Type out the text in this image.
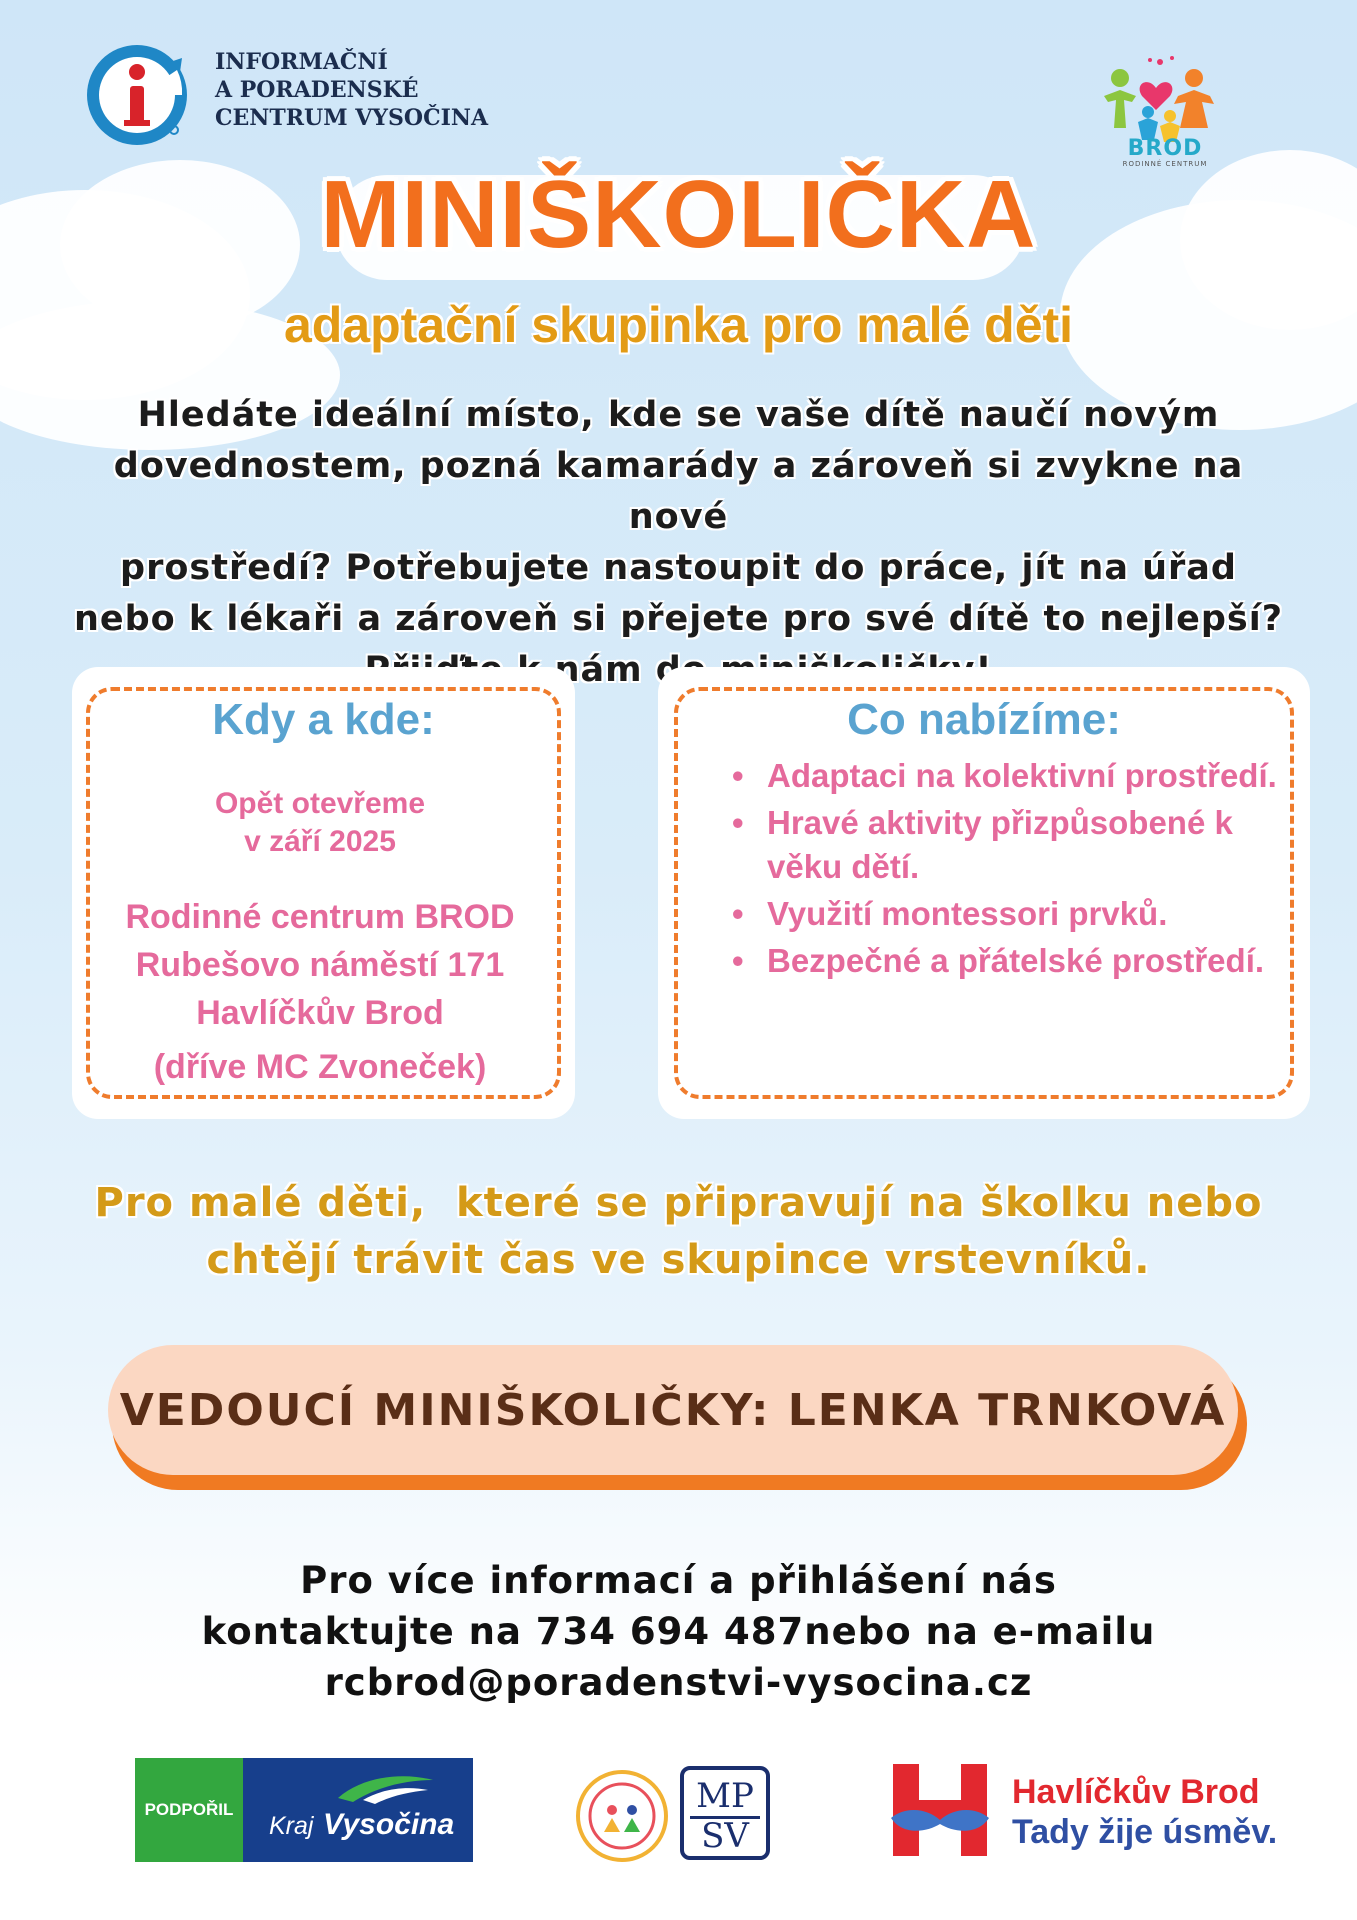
INFORMAČNÍ
A PORADENSKÉ
CENTRUM VYSOČINA
BROD
RODINNÉ CENTRUM
MINIŠKOLIČKA
adaptační skupinka pro malé děti
Hledáte ideální místo, kde se vaše dítě naučí novým
dovednostem, pozná kamarády a zároveň si zvykne na nové
prostředí? Potřebujete nastoupit do práce, jít na úřad
nebo k lékaři a zároveň si přejete pro své dítě to nejlepší?
nám
Kdy a kde:
Opět otevřeme
v září 2025
Rodinné centrum BROD
Rubešovo náměstí 171
Havlíčkův Brod
(dříve MC Zvoneček)
Co nabízíme:
• Adaptaci na kolektivní prostředí.
• Hravé aktivity přizpůsobené k věku dětí.
• Využití montessori prvků.
• Bezpečné a přátelské prostředí.
Pro malé děti,  které se připravují na školku nebo
chtějí trávit čas ve skupince vrstevníků.
VEDOUCÍ MINIŠKOLIČKY: LENKA TRNKOVÁ
Pro více informací a přihlášení nás
kontaktujte na 734 694 487nebo na e-mailu
rcbrod@poradenstvi-vysocina.cz
PODPOŘIL
Kraj Vysočina
MP
SV
Havlíčkův Brod
Tady žije úsměv.
